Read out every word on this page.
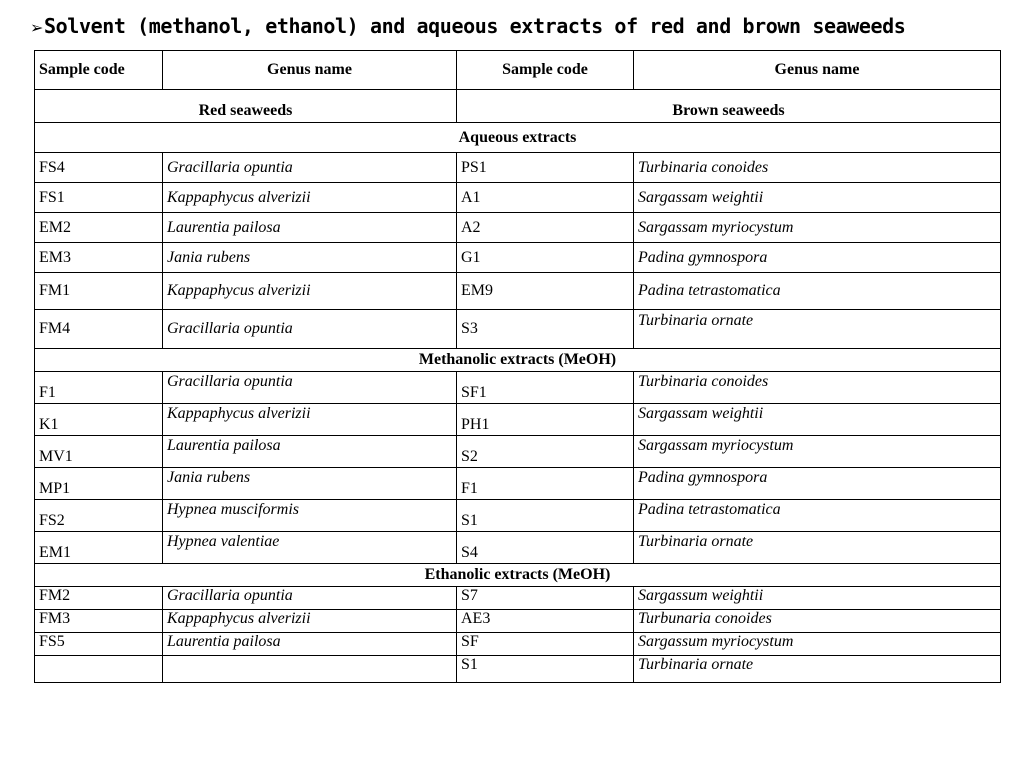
➢Solvent (methanol, ethanol) and aqueous extracts of red and brown seaweeds
Sample code	Genus name	Sample code	Genus name
Red seaweeds		Brown seaweeds	
Aqueous extracts			
FS4	Gracillaria opuntia	PS1	Turbinaria conoides
FS1	Kappaphycus alverizii	A1	Sargassam weightii
EM2	Laurentia pailosa	A2	Sargassam myriocystum
EM3	Jania rubens	G1	Padina gymnospora
FM1	Kappaphycus alverizii	EM9	Padina tetrastomatica
FM4	Gracillaria opuntia	S3	Turbinaria ornate
Methanolic extracts (MeOH)			
F1	Gracillaria opuntia	SF1	Turbinaria conoides
K1	Kappaphycus alverizii	PH1	Sargassam weightii
MV1	Laurentia pailosa	S2	Sargassam myriocystum
MP1	Jania rubens	F1	Padina gymnospora
FS2	Hypnea musciformis	S1	Padina tetrastomatica
EM1	Hypnea valentiae	S4	Turbinaria ornate
Ethanolic extracts (MeOH)			
FM2	Gracillaria opuntia	S7	Sargassum weightii
FM3	Kappaphycus alverizii	AE3	Turbunaria conoides
FS5	Laurentia pailosa	SF	Sargassum myriocystum
		S1	Turbinaria ornate
